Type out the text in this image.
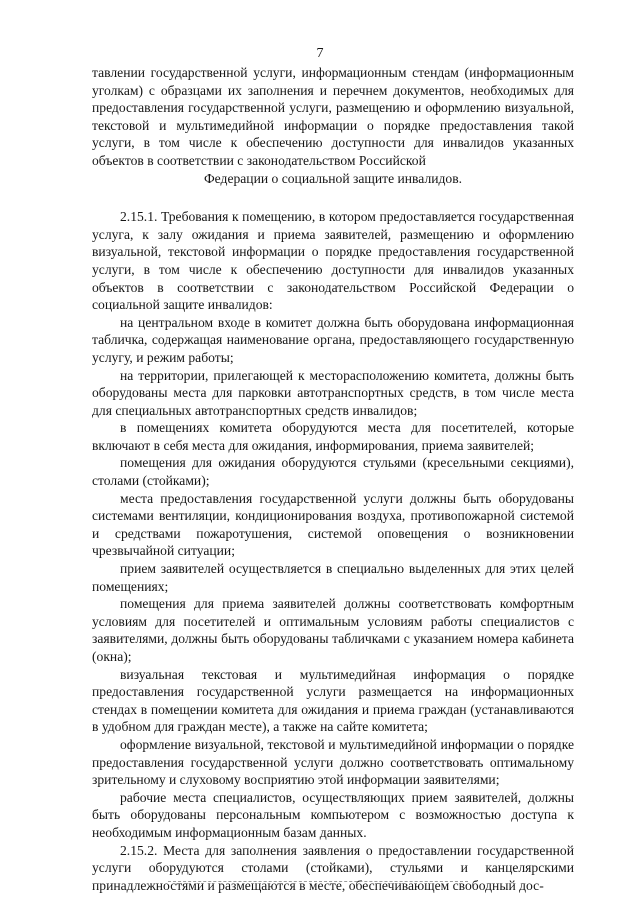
7

тавлении государственной услуги, информационным стендам (информационным уголкам) с образцами их заполнения и перечнем документов, необходимых для предоставления государственной услуги, размещению и оформлению визуальной, текстовой и мультимедийной информации о порядке предоставления такой услуги, в том числе к обеспечению доступности для инвалидов указанных объектов в соответствии с законодательством Российской

Федерации о социальной защите инвалидов.

2.15.1. Требования к помещению, в котором предоставляется государственная услуга, к залу ожидания и приема заявителей, размещению и оформлению визуальной, текстовой информации о порядке предоставления государственной услуги, в том числе к обеспечению доступности для инвалидов указанных объектов в соответствии с законодательством Российской Федерации о социальной защите инвалидов:

на центральном входе в комитет должна быть оборудована информационная табличка, содержащая наименование органа, предоставляющего государственную услугу, и режим работы;

на территории, прилегающей к месторасположению комитета, должны быть оборудованы места для парковки автотранспортных средств, в том числе места для специальных автотранспортных средств инвалидов;

в помещениях комитета оборудуются места для посетителей, которые включают в себя места для ожидания, информирования, приема заявителей;

помещения для ожидания оборудуются стульями (кресельными секциями), столами (стойками);

места предоставления государственной услуги должны быть оборудованы системами вентиляции, кондиционирования воздуха, противопожарной системой и средствами пожаротушения, системой оповещения о возникновении чрезвычайной ситуации;

прием заявителей осуществляется в специально выделенных для этих целей помещениях;

помещения для приема заявителей должны соответствовать комфортным условиям для посетителей и оптимальным условиям работы специалистов с заявителями, должны быть оборудованы табличками с указанием номера кабинета (окна);

визуальная текстовая и мультимедийная информация о порядке предоставления государственной услуги размещается на информационных стендах в помещении комитета для ожидания и приема граждан (устанавливаются в удобном для граждан месте), а также на сайте комитета;

оформление визуальной, текстовой и мультимедийной информации о порядке предоставления государственной услуги должно соответствовать оптимальному зрительному и слуховому восприятию этой информации заявителями;

рабочие места специалистов, осуществляющих прием заявителей, должны быть оборудованы персональным компьютером с возможностью доступа к необходимым информационным базам данных.

2.15.2. Места для заполнения заявления о предоставлении государственной услуги оборудуются столами (стойками), стульями и канцелярскими принадлежностями и размещаются в месте, обеспечивающем свободный дос-
